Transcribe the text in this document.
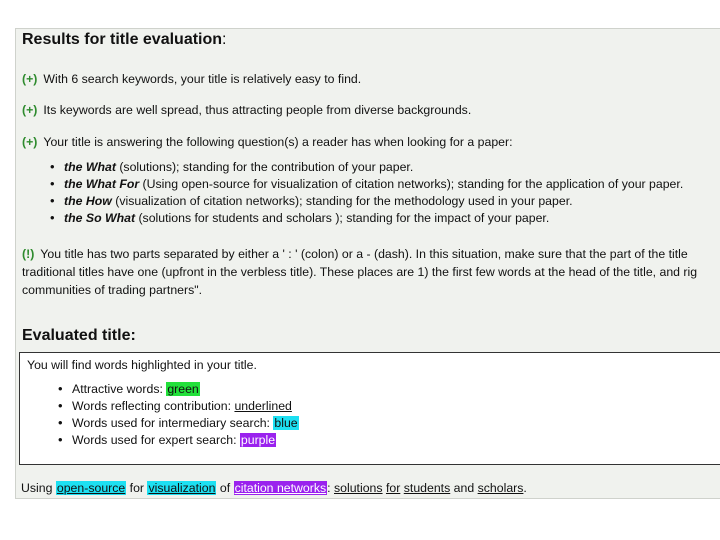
Results for title evaluation:
(+) With 6 search keywords, your title is relatively easy to find.
(+) Its keywords are well spread, thus attracting people from diverse backgrounds.
(+) Your title is answering the following question(s) a reader has when looking for a paper:
• the What (solutions); standing for the contribution of your paper.
• the What For (Using open-source for visualization of citation networks); standing for the application of your paper.
• the How (visualization of citation networks); standing for the methodology used in your paper.
• the So What (solutions for students and scholars ); standing for the impact of your paper.
(!) You title has two parts separated by either a ' : ' (colon) or a - (dash). In this situation, make sure that the part of the title
traditional titles have one (upfront in the verbless title). These places are 1) the first few words at the head of the title, and rig
communities of trading partners".
Evaluated title:
You will find words highlighted in your title.
• Attractive words: green
• Words reflecting contribution: underlined
• Words used for intermediary search: blue
• Words used for expert search: purple
Using open-source for visualization of citation networks: solutions for students and scholars.
